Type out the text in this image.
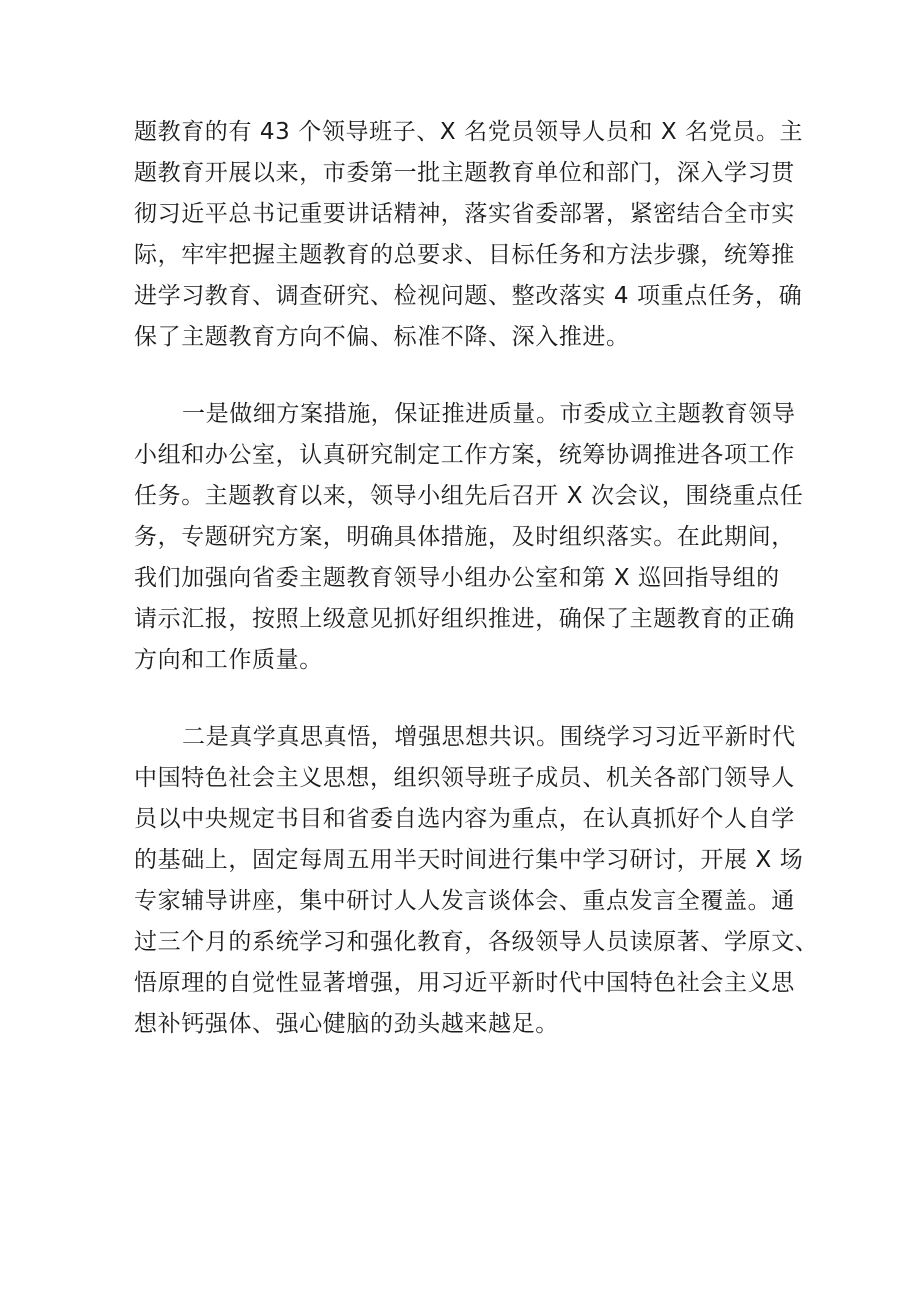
题教育的有 43 个领导班子、X 名党员领导人员和 X 名党员。主
题教育开展以来，市委第一批主题教育单位和部门，深入学习贯
彻习近平总书记重要讲话精神，落实省委部署，紧密结合全市实
际，牢牢把握主题教育的总要求、目标任务和方法步骤，统筹推
进学习教育、调查研究、检视问题、整改落实 4 项重点任务，确
保了主题教育方向不偏、标准不降、深入推进。

一是做细方案措施，保证推进质量。市委成立主题教育领导
小组和办公室，认真研究制定工作方案，统筹协调推进各项工作
任务。主题教育以来，领导小组先后召开 X 次会议，围绕重点任
务，专题研究方案，明确具体措施，及时组织落实。在此期间，
我们加强向省委主题教育领导小组办公室和第 X 巡回指导组的
请示汇报，按照上级意见抓好组织推进，确保了主题教育的正确
方向和工作质量。

二是真学真思真悟，增强思想共识。围绕学习习近平新时代
中国特色社会主义思想，组织领导班子成员、机关各部门领导人
员以中央规定书目和省委自选内容为重点，在认真抓好个人自学
的基础上，固定每周五用半天时间进行集中学习研讨，开展 X 场
专家辅导讲座，集中研讨人人发言谈体会、重点发言全覆盖。通
过三个月的系统学习和强化教育，各级领导人员读原著、学原文、
悟原理的自觉性显著增强，用习近平新时代中国特色社会主义思
想补钙强体、强心健脑的劲头越来越足。
